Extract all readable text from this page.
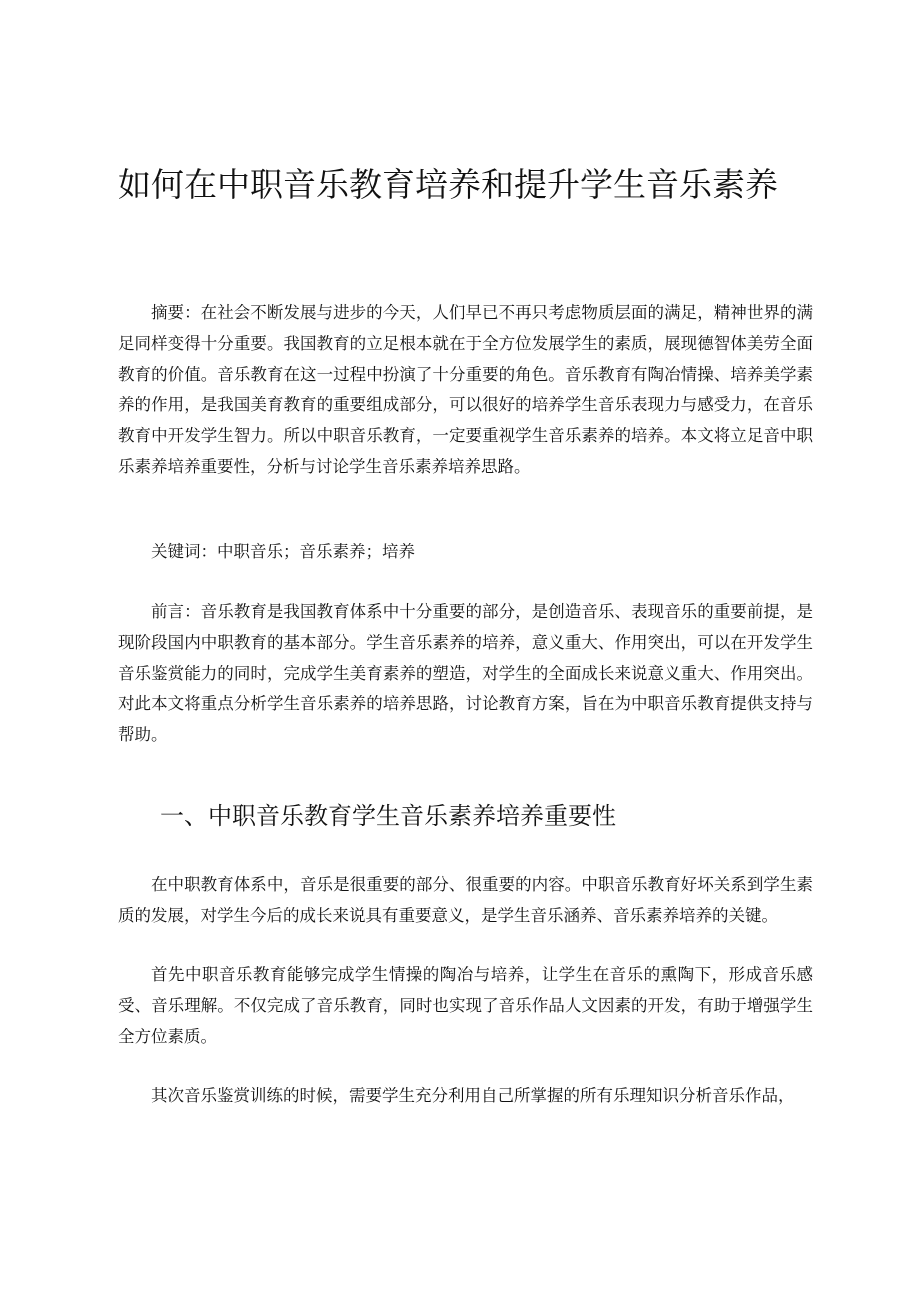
如何在中职音乐教育培养和提升学生音乐素养

摘要：在社会不断发展与进步的今天，人们早已不再只考虑物质层面的满足，精神世界的满足同样变得十分重要。我国教育的立足根本就在于全方位发展学生的素质，展现德智体美劳全面教育的价值。音乐教育在这一过程中扮演了十分重要的角色。音乐教育有陶冶情操、培养美学素养的作用，是我国美育教育的重要组成部分，可以很好的培养学生音乐表现力与感受力，在音乐教育中开发学生智力。所以中职音乐教育，一定要重视学生音乐素养的培养。本文将立足音中职乐素养培养重要性，分析与讨论学生音乐素养培养思路。

关键词：中职音乐；音乐素养；培养

前言：音乐教育是我国教育体系中十分重要的部分，是创造音乐、表现音乐的重要前提，是现阶段国内中职教育的基本部分。学生音乐素养的培养，意义重大、作用突出，可以在开发学生音乐鉴赏能力的同时，完成学生美育素养的塑造，对学生的全面成长来说意义重大、作用突出。对此本文将重点分析学生音乐素养的培养思路，讨论教育方案，旨在为中职音乐教育提供支持与帮助。

一、中职音乐教育学生音乐素养培养重要性

在中职教育体系中，音乐是很重要的部分、很重要的内容。中职音乐教育好坏关系到学生素质的发展，对学生今后的成长来说具有重要意义，是学生音乐涵养、音乐素养培养的关键。

首先中职音乐教育能够完成学生情操的陶冶与培养，让学生在音乐的熏陶下，形成音乐感受、音乐理解。不仅完成了音乐教育，同时也实现了音乐作品人文因素的开发，有助于增强学生全方位素质。

其次音乐鉴赏训练的时候，需要学生充分利用自己所掌握的所有乐理知识分析音乐作品，
